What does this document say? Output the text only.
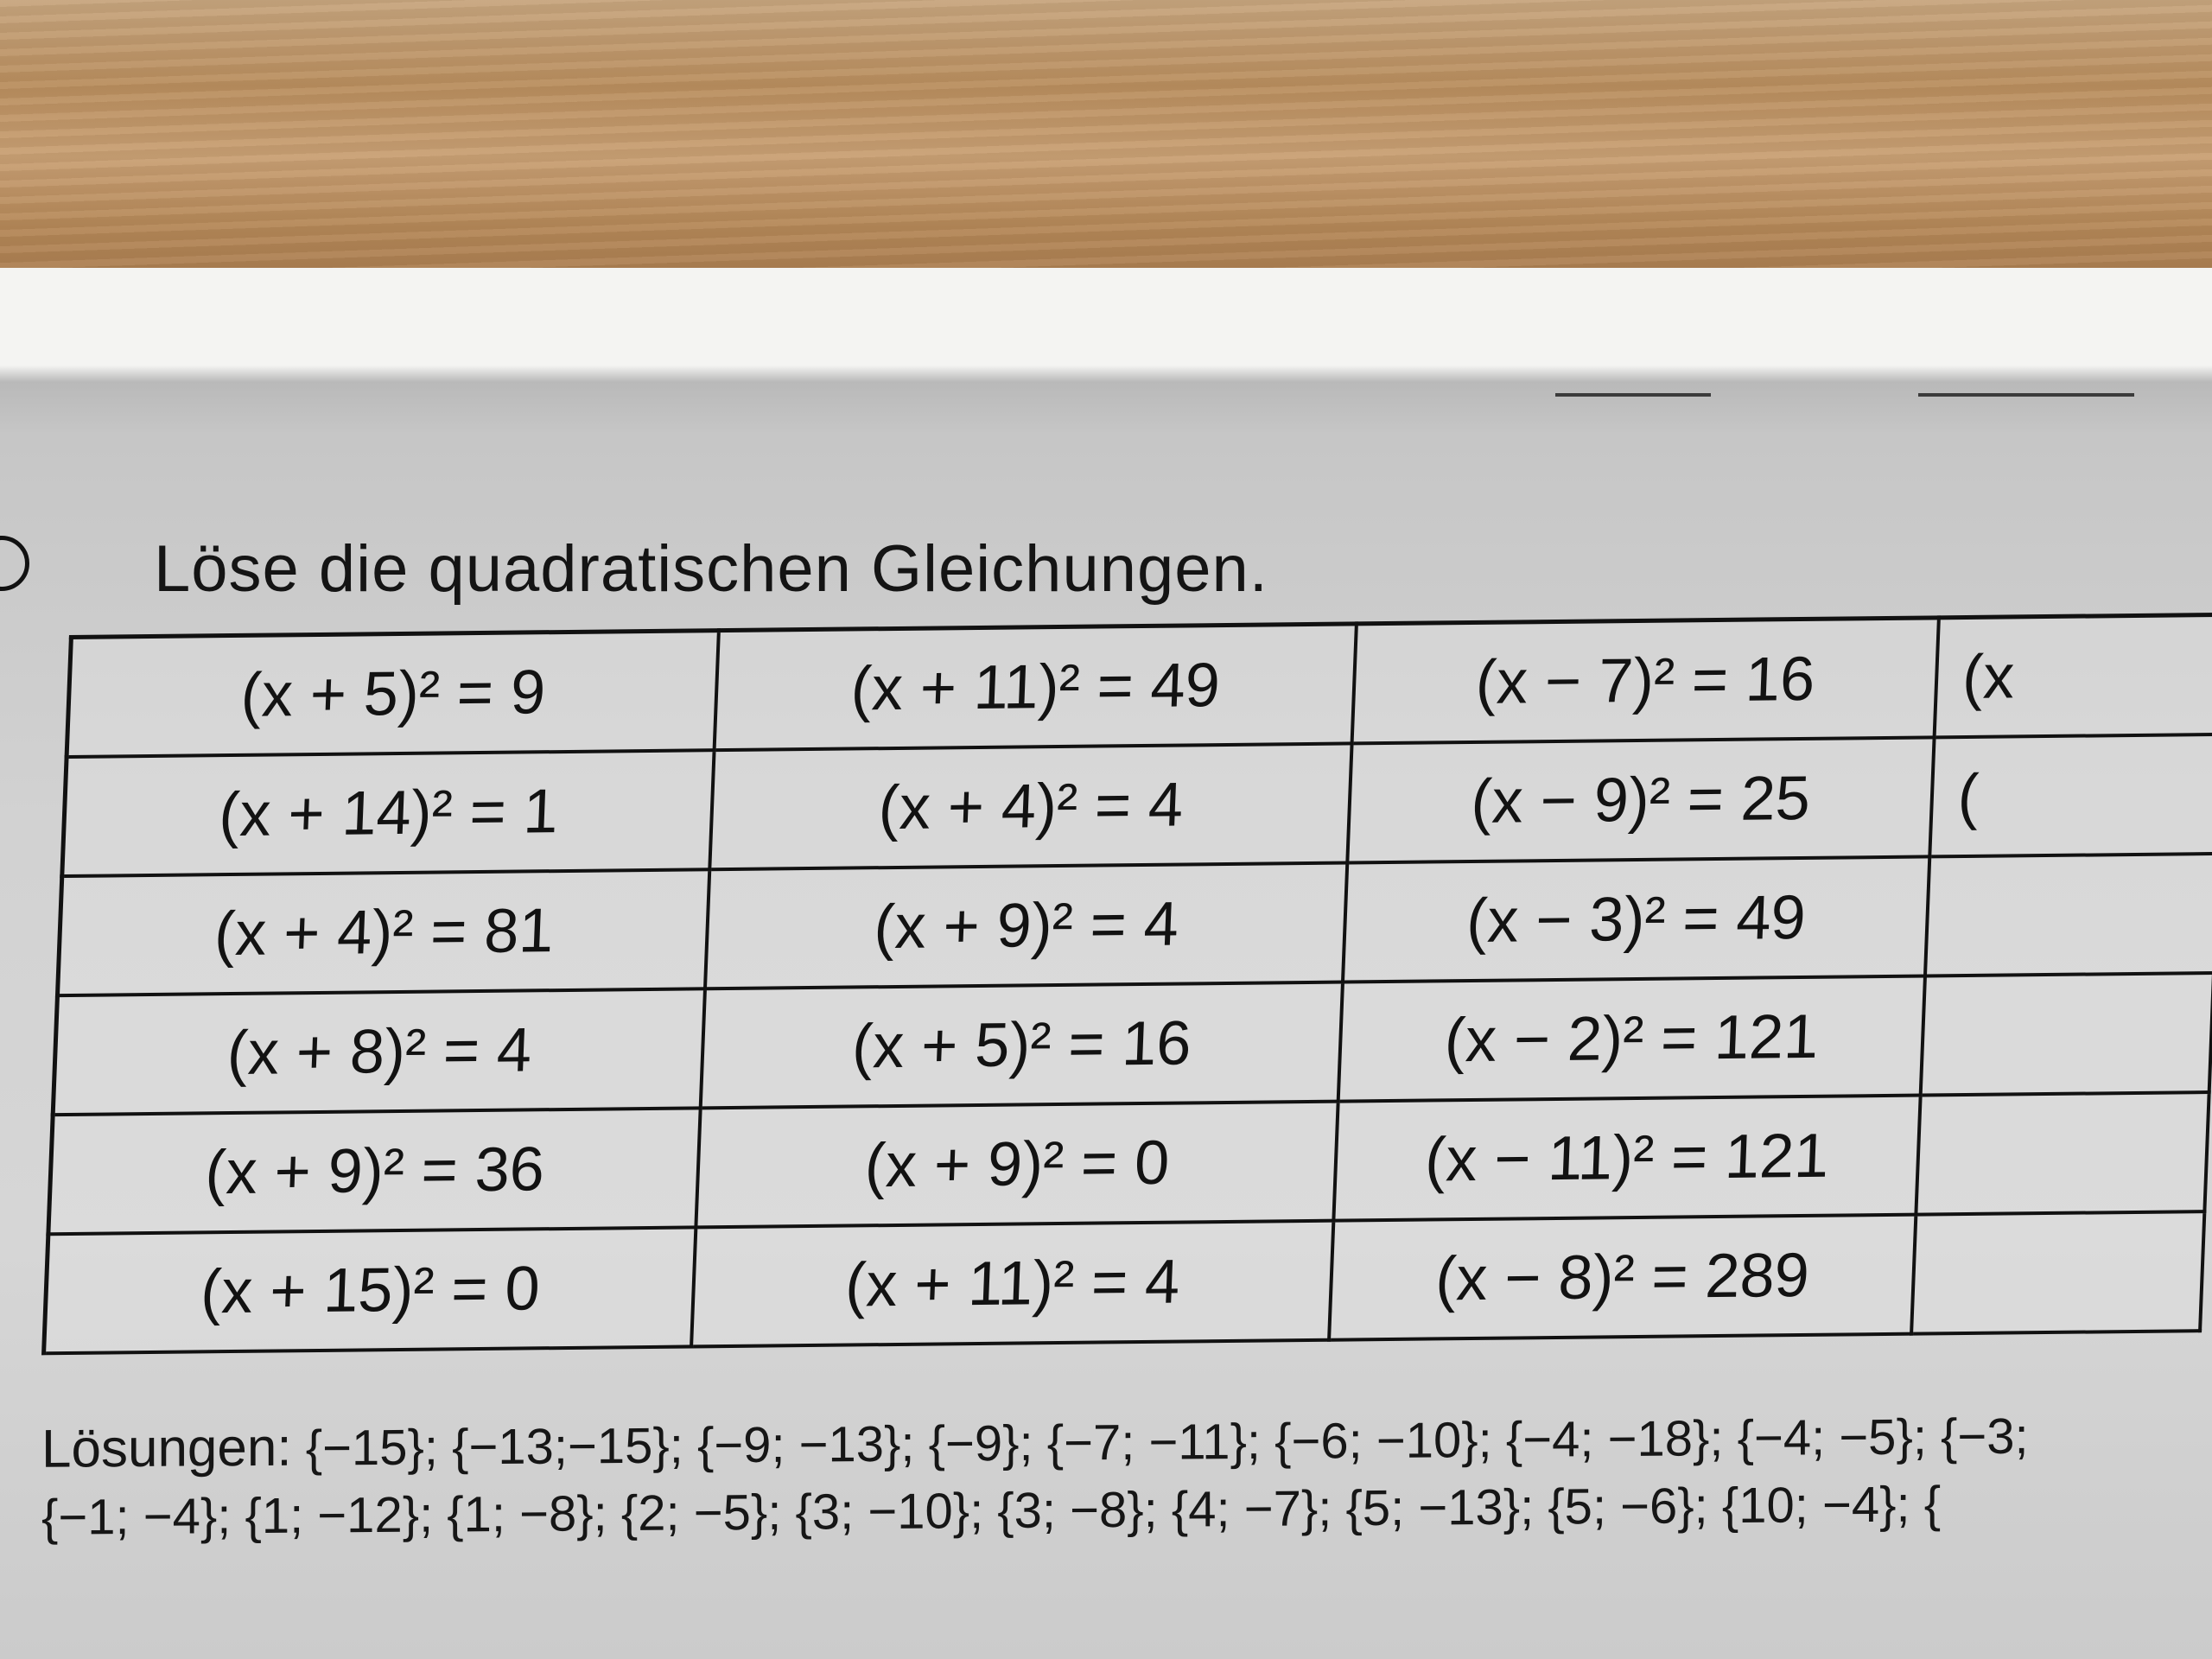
Löse die quadratischen Gleichungen.
(x + 5)² = 9	(x + 11)² = 49	(x − 7)² = 16	(x
(x + 14)² = 1	(x + 4)² = 4	(x − 9)² = 25	(
(x + 4)² = 81	(x + 9)² = 4	(x − 3)² = 49	
(x + 8)² = 4	(x + 5)² = 16	(x − 2)² = 121	
(x + 9)² = 36	(x + 9)² = 0	(x − 11)² = 121	
(x + 15)² = 0	(x + 11)² = 4	(x − 8)² = 289	
Lösungen: {−15}; {−13;−15}; {−9; −13}; {−9}; {−7; −11}; {−6; −10}; {−4; −18}; {−4; −5}; {−3;
{−1; −4}; {1; −12}; {1; −8}; {2; −5}; {3; −10}; {3; −8}; {4; −7}; {5; −13}; {5; −6}; {10; −4}; {
